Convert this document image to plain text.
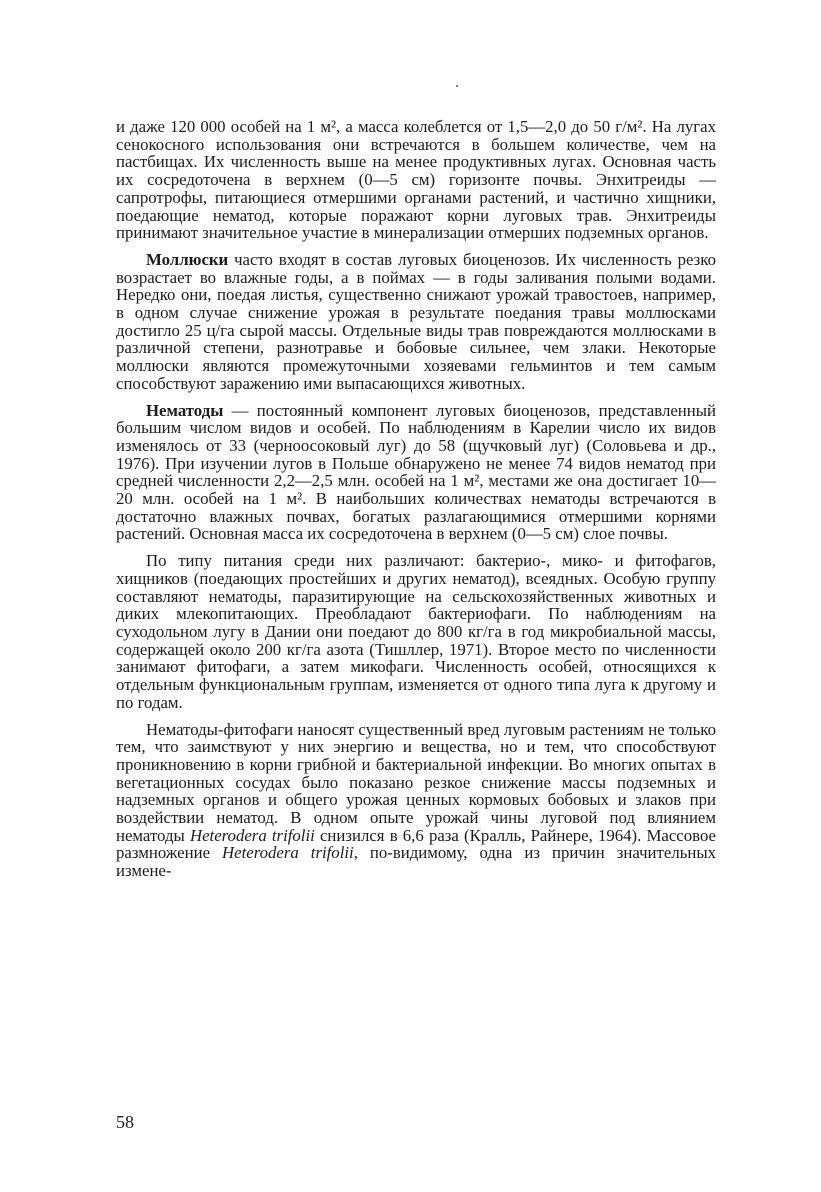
и даже 120 000 особей на 1 м², а масса колеблется от 1,5—2,0 до 50 г/м². На лугах сенокосного использования они встречаются в большем количестве, чем на пастбищах. Их численность выше на менее продуктивных лугах. Основная часть их сосредоточена в верхнем (0—5 см) горизонте почвы. Энхитреиды — сапротрофы, питающиеся отмершими органами растений, и частично хищники, поедающие нематод, которые поражают корни луговых трав. Энхитреиды принимают значительное участие в минерализации отмерших подземных органов.

Моллюски часто входят в состав луговых биоценозов. Их численность резко возрастает во влажные годы, а в поймах — в годы заливания полыми водами. Нередко они, поедая листья, существенно снижают урожай травостоев, например, в одном случае снижение урожая в результате поедания травы моллюсками достигло 25 ц/га сырой массы. Отдельные виды трав повреждаются моллюсками в различной степени, разнотравье и бобовые сильнее, чем злаки. Некоторые моллюски являются промежуточными хозяевами гельминтов и тем самым способствуют заражению ими выпасающихся животных.

Нематоды — постоянный компонент луговых биоценозов, представленный большим числом видов и особей. По наблюдениям в Карелии число их видов изменялось от 33 (черноосоковый луг) до 58 (щучковый луг) (Соловьева и др., 1976). При изучении лугов в Польше обнаружено не менее 74 видов нематод при средней численности 2,2—2,5 млн. особей на 1 м², местами же она достигает 10—20 млн. особей на 1 м². В наибольших количествах нематоды встречаются в достаточно влажных почвах, богатых разлагающимися отмершими корнями растений. Основная масса их сосредоточена в верхнем (0—5 см) слое почвы.

По типу питания среди них различают: бактерио-, мико- и фитофагов, хищников (поедающих простейших и других нематод), всеядных. Особую группу составляют нематоды, паразитирующие на сельскохозяйственных животных и диких млекопитающих. Преобладают бактериофаги. По наблюдениям на суходольном лугу в Дании они поедают до 800 кг/га в год микробиальной массы, содержащей около 200 кг/га азота (Тишллер, 1971). Второе место по численности занимают фитофаги, а затем микофаги. Численность особей, относящихся к отдельным функциональным группам, изменяется от одного типа луга к другому и по годам.

Нематоды-фитофаги наносят существенный вред луговым растениям не только тем, что заимствуют у них энергию и вещества, но и тем, что способствуют проникновению в корни грибной и бактериальной инфекции. Во многих опытах в вегетационных сосудах было показано резкое снижение массы подземных и надземных органов и общего урожая ценных кормовых бобовых и злаков при воздействии нематод. В одном опыте урожай чины луговой под влиянием нематоды Heterodera trifolii снизился в 6,6 раза (Кралль, Райнере, 1964). Массовое размножение Heterodera trifolii, по-видимому, одна из причин значительных измене-

58
